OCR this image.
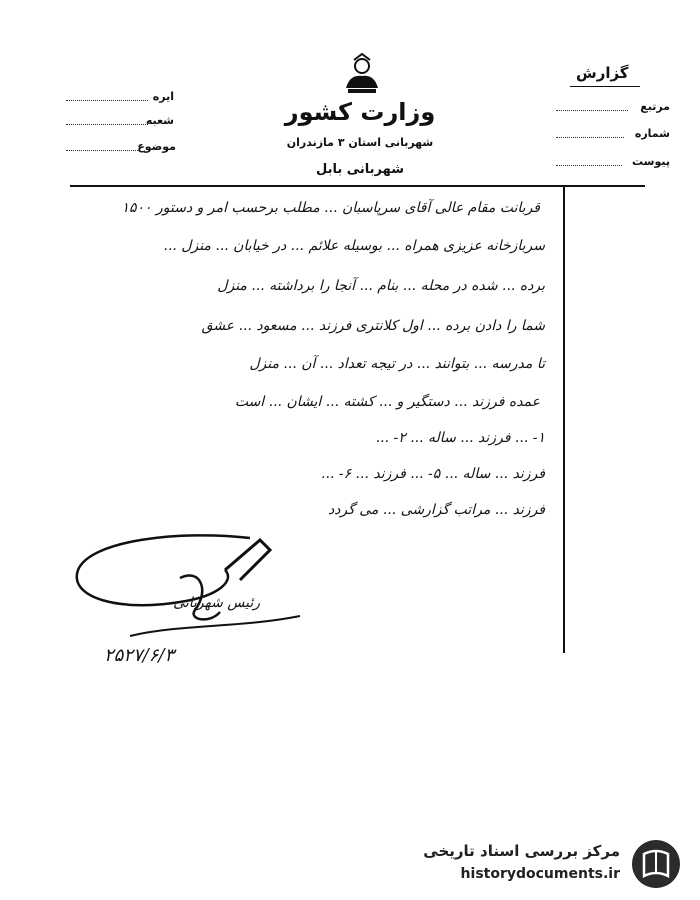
وزارت کشور
شهربانی استان ۳ مازندران
شهربانی بابل
گزارش
مرتبع
شماره
پیوست
ایره
شعبه
موضوع
قربانت مقام عالی آقای سرپاسبان ... مطلب برحسب امر و دستور ۱۵۰۰
سربازخانه عزیزی همراه ... بوسیله علائم ... در خیابان ... منزل ...
برده ... شده در محله ... بنام ... آنجا را برداشته ... منزل
شما را دادن برده ... اول کلانتری فرزند ... مسعود ... عشق
تا مدرسه ... بتوانند ... در تیجه تعداد ... آن ... منزل
عمده فرزند ... دستگیر و ... کشته ... ایشان ... است
۱- ... فرزند ... ساله ... ۲- ...
فرزند ... ساله ... ۵- ... فرزند ... ۶- ...
فرزند ... مراتب گزارشی ... می گردد
رئیس شهربانی
۲۵۲۷/۶/۳
مرکز بررسی اسناد تاریخی
historydocuments.ir
